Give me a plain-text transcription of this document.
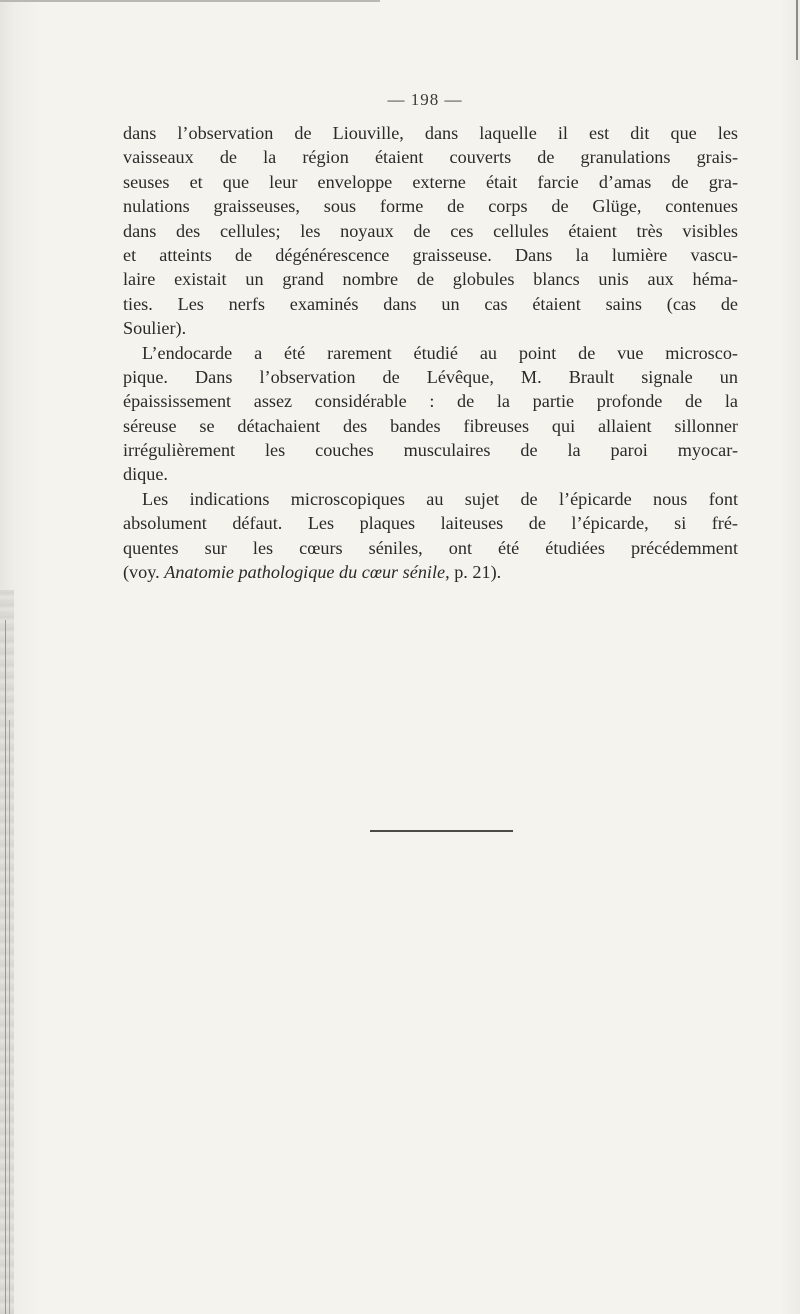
— 198 —
dans l’observation de Liouville, dans laquelle il est dit que les
vaisseaux de la région étaient couverts de granulations grais-
seuses et que leur enveloppe externe était farcie d’amas de gra-
nulations graisseuses, sous forme de corps de Glüge, contenues
dans des cellules; les noyaux de ces cellules étaient très visibles
et atteints de dégénérescence graisseuse. Dans la lumière vascu-
laire existait un grand nombre de globules blancs unis aux héma-
ties. Les nerfs examinés dans un cas étaient sains (cas de
Soulier).
L’endocarde a été rarement étudié au point de vue microsco-
pique. Dans l’observation de Lévêque, M. Brault signale un
épaississement assez considérable : de la partie profonde de la
séreuse se détachaient des bandes fibreuses qui allaient sillonner
irrégulièrement les couches musculaires de la paroi myocar-
dique.
Les indications microscopiques au sujet de l’épicarde nous font
absolument défaut. Les plaques laiteuses de l’épicarde, si fré-
quentes sur les cœurs séniles, ont été étudiées précédemment
(voy. Anatomie pathologique du cœur sénile, p. 21).
